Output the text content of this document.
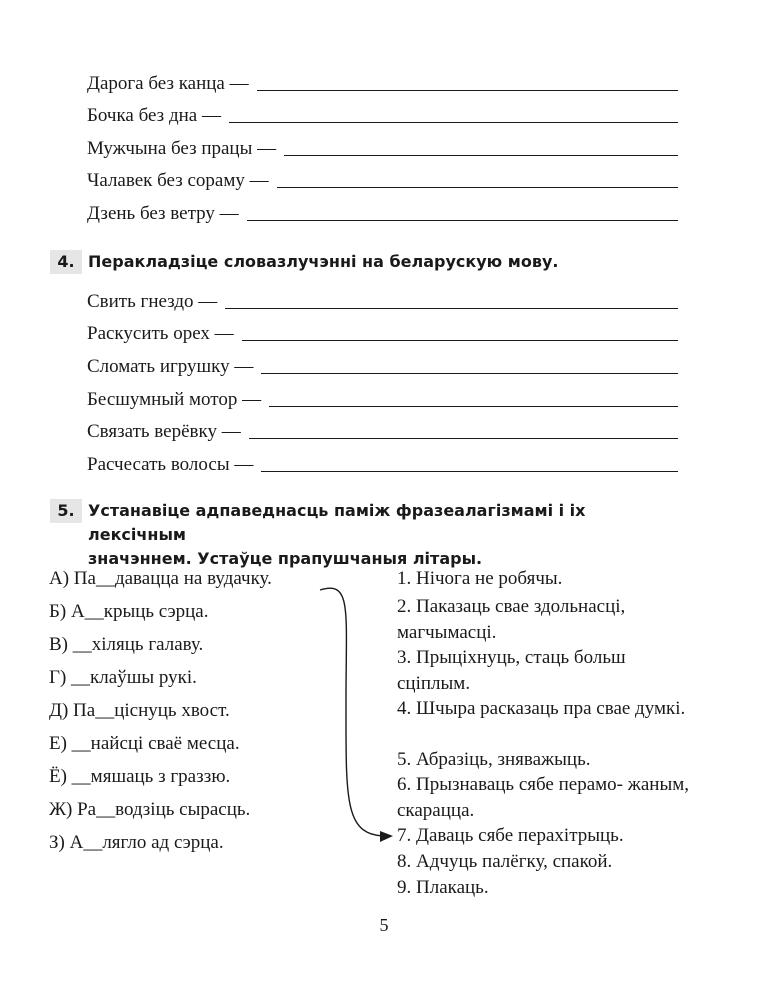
Дарога без канца —
Бочка без дна —
Мужчына без працы —
Чалавек без сораму —
Дзень без ветру —
4. Перакладзіце словазлучэнні на беларускую мову.
Свить гнездо —
Раскусить орех —
Сломать игрушку —
Бесшумный мотор —
Связать верёвку —
Расчесать волосы —
5. Устанавіце адпаведнасць паміж фразеалагізмамі і іх лексічным
значэннем. Устаўце прапушчаныя літары.
А) Па__давацца на вудачку.
Б) А__крыць сэрца.
В) __хіляць галаву.
Г) __клаўшы рукі.
Д) Па__ціснуць хвост.
Е) __найсці сваё месца.
Ё) __мяшаць з граззю.
Ж) Ра__водзіць сырасць.
З) А__лягло ад сэрца.
1. Нічога не робячы.
2. Паказаць свае здольнасці, магчымасці.
3. Прыціхнуць, стаць больш сціплым.
4. Шчыра расказаць пра свае думкі.
5. Абразіць, зняважыць.
6. Прызнаваць сябе перамо- жаным, скарацца.
7. Даваць сябе перахітрыць.
8. Адчуць палёгку, спакой.
9. Плакаць.
5
